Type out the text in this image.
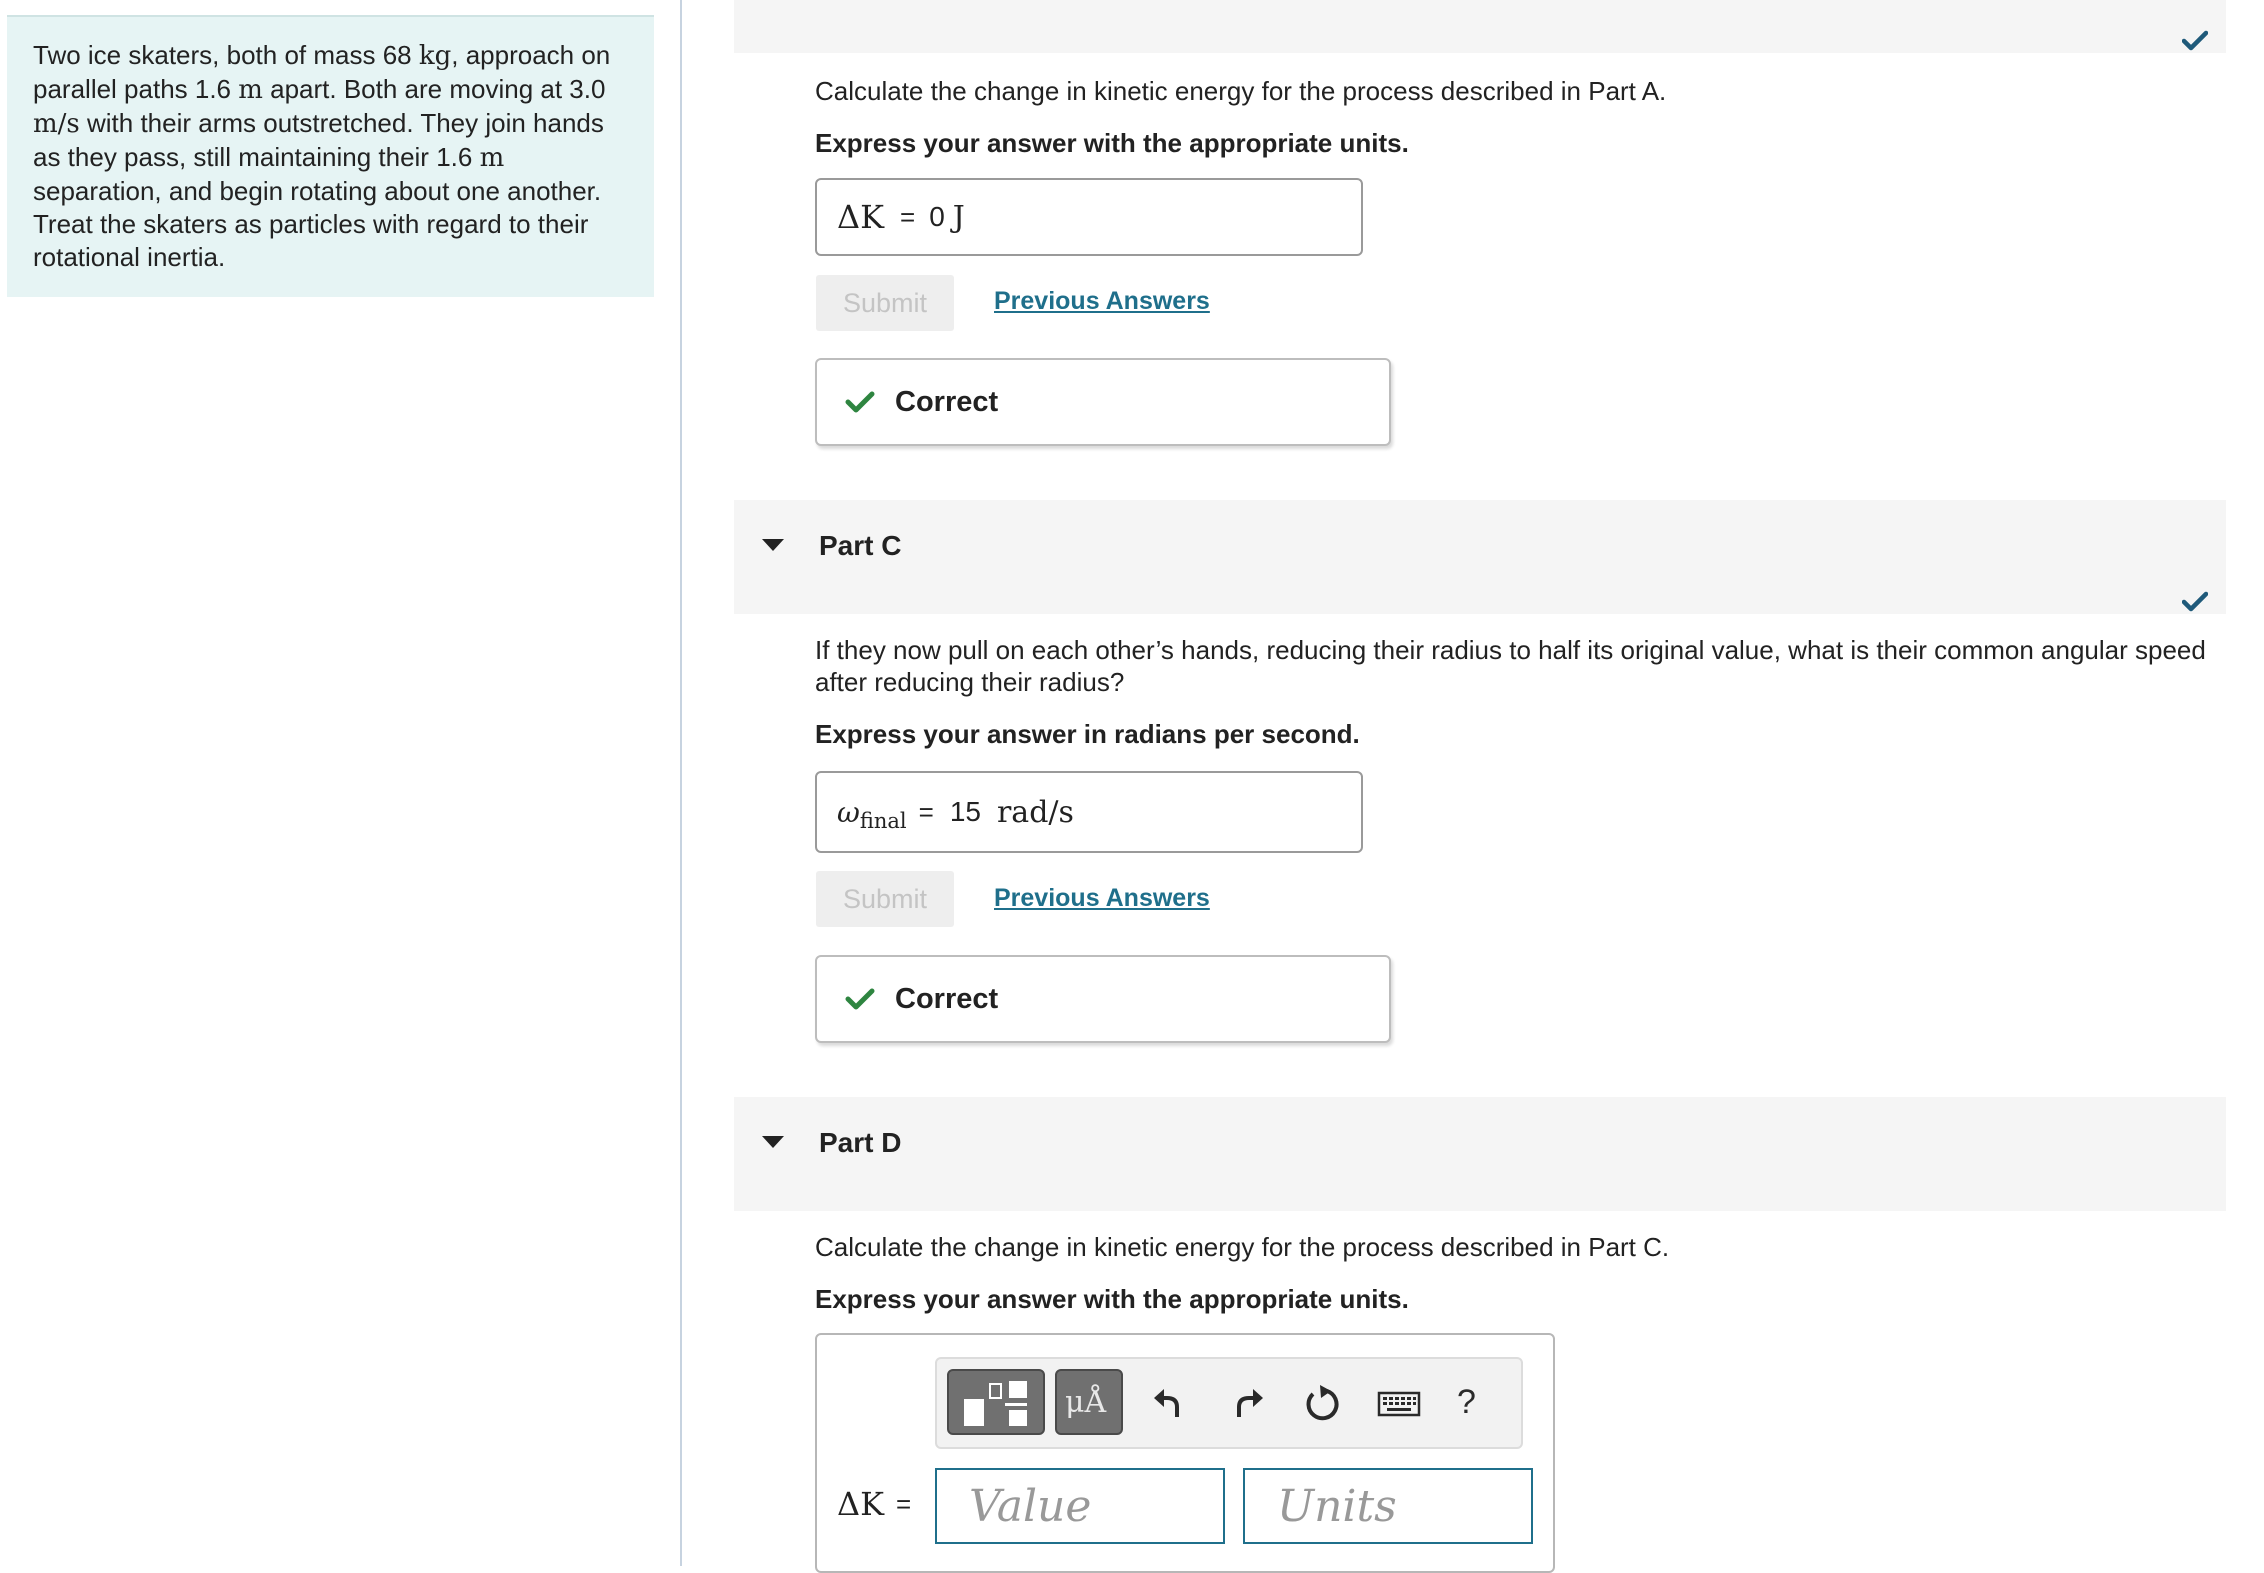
Two ice skaters, both of mass 68 kg, approach on parallel paths 1.6 m apart. Both are moving at 3.0 m/s with their arms outstretched. They join hands as they pass, still maintaining their 1.6 m separation, and begin rotating about one another. Treat the skaters as particles with regard to their rotational inertia.
Calculate the change in kinetic energy for the process described in Part A.
Express your answer with the appropriate units.
ΔK = 0 J
Submit	Previous Answers
Correct
Part C
If they now pull on each other’s hands, reducing their radius to half its original value, what is their common angular speed after reducing their radius?
Express your answer in radians per second.
$\omega_{final} = 15$ rad/s
Submit	Previous Answers
Correct
Part D
Calculate the change in kinetic energy for the process described in Part C.
Express your answer with the appropriate units.
μÅ	?
ΔK =
Value
Units
